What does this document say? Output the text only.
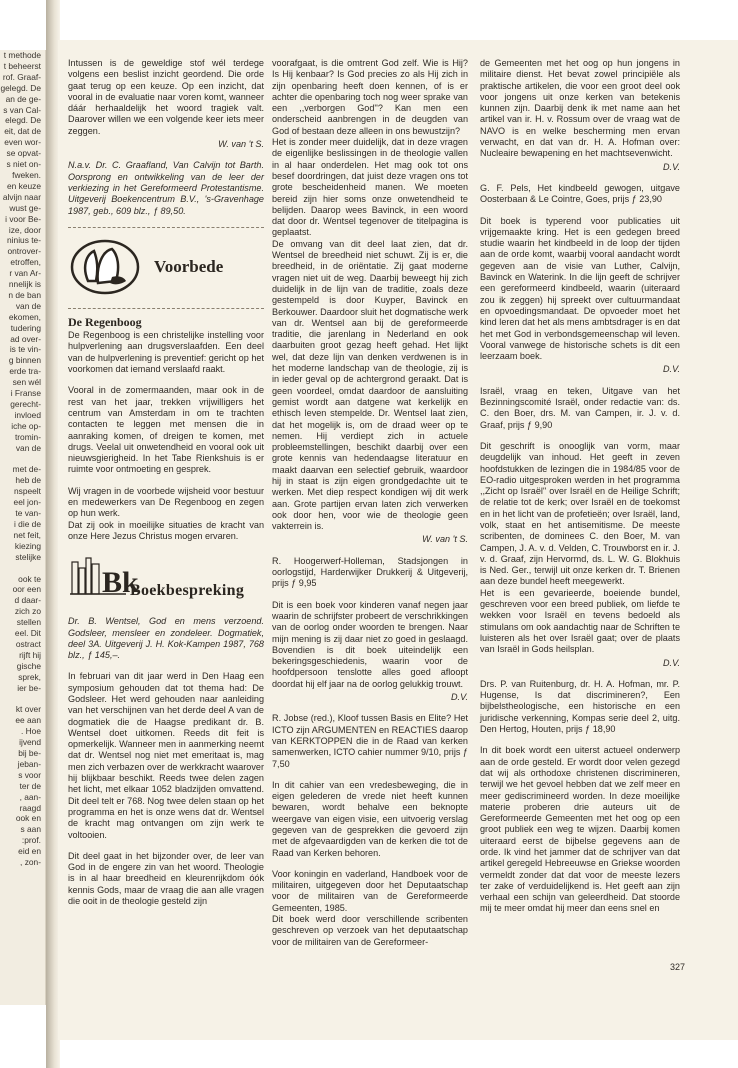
t methode
t beheerst
rof. Graaf-
gelegd. De
an de ge-
s van Cal-
elegd. De
eit, dat de
even wor-
se opvat-
s niet on-
fweken.
en keuze
alvijn naar
wust ge-
i voor Be-
ize, door
ninius te-
ontrover-
etroffen,
r van Ar-
nnelijk is
n de ban
van de
ekomen,
tudering
ad over-
is te vin-
g binnen
erde tra-
sen wél
i Franse
gerecht-
invloed
iche op-
tromin-
van de

met de-
heb de
nspeelt
eel jon-
te van-
i die de
net feit,
kiezing
stelijke

ook te
oor een
d daar-
zich zo
stellen
eel. Dit
ostract
rijft hij
gische
sprek,
ier be-

kt over
ee aan
. Hoe
ijvend
bij be-
jeban-
s voor
ter de
, aan-
raagd
ook en
s aan
:prof.
eid en
, zon-

Intussen is de geweldige stof wél terdege volgens een beslist inzicht geordend. Die orde gaat terug op een keuze. Op een inzicht, dat vooral in de evaluatie naar voren komt, wanneer dáár herhaaldelijk het woord tragiek valt. Daarover willen we een volgende keer iets meer zeggen.

W. van 't S.

N.a.v. Dr. C. Graafland, Van Calvijn tot Barth. Oorsprong en ontwikkeling van de leer der verkiezing in het Gereformeerd Protestantisme. Uitgeverij Boekencentrum B.V., 's-Gravenhage 1987, geb., 609 blz., ƒ 89,50.

Voorbede
De Regenboog

De Regenboog is een christelijke instelling voor hulpverlening aan drugsverslaafden. Een deel van de hulpverlening is preventief: gericht op het voorkomen dat iemand verslaafd raakt.

Vooral in de zomermaanden, maar ook in de rest van het jaar, trekken vrijwilligers het centrum van Amsterdam in om te trachten contacten te leggen met mensen die in aanraking komen, of dreigen te komen, met drugs. Veelal uit onwetendheid en vooral ook uit nieuwsgierigheid. In het Tabe Rienkshuis is er ruimte voor ontmoeting en gesprek.

Wij vragen in de voorbede wijsheid voor bestuur en medewerkers van De Regenboog en zegen op hun werk.

Dat zij ook in moeilijke situaties de kracht van onze Here Jezus Christus mogen ervaren.

Bk
Boekbespreking

Dr. B. Wentsel, God en mens verzoend. Godsleer, mensleer en zondeleer. Dogmatiek, deel 3A. Uitgeverij J. H. Kok-Kampen 1987, 768 blz., ƒ 145,–.

In februari van dit jaar werd in Den Haag een symposium gehouden dat tot thema had: De Godsleer. Het werd gehouden naar aanleiding van het verschijnen van het derde deel A van de dogmatiek die de Haagse predikant dr. B. Wentsel doet uitkomen. Reeds dit feit is opmerkelijk. Wanneer men in aanmerking neemt dat dr. Wentsel nog niet met emeritaat is, mag men zich verbazen over de werkkracht waarover hij blijkbaar beschikt. Reeds twee delen zagen het licht, met elkaar 1052 bladzijden omvattend. Dit deel telt er 768. Nog twee delen staan op het programma en het is onze wens dat dr. Wentsel de kracht mag ontvangen om zijn werk te voltooien.

Dit deel gaat in het bijzonder over, de leer van God in de engere zin van het woord. Theologie is in al haar breedheid en kleurenrijkdom óók kennis Gods, maar de vraag die aan alle vragen die ooit in de theologie gesteld zijn

voorafgaat, is die omtrent God zelf. Wie is Hij? Is Hij kenbaar? Is God precies zo als Hij zich in zijn openbaring heeft doen kennen, of is er achter die openbaring toch nog weer sprake van een ,,verborgen God''? Kan men een onderscheid aanbrengen in de deugden van God of bestaan deze alleen in ons bewustzijn?

Het is zonder meer duidelijk, dat in deze vragen de eigenlijke beslissingen in de theologie vallen in al haar onderdelen. Het mag ook tot ons besef doordringen, dat juist deze vragen ons tot grote bescheidenheid manen. We moeten bereid zijn hier soms onze onwetendheid te belijden. Daarop wees Bavinck, in een woord dat door dr. Wentsel tegenover de titelpagina is geplaatst.

De omvang van dit deel laat zien, dat dr. Wentsel de breedheid niet schuwt. Zij is er, die breedheid, in de oriëntatie. Zij gaat moderne vragen niet uit de weg. Daarbij beweegt hij zich duidelijk in de lijn van de traditie, zoals deze gestempeld is door Kuyper, Bavinck en Berkouwer. Daardoor sluit het dogmatische werk van dr. Wentsel aan bij de gereformeerde traditie, die jarenlang in Nederland en ook daarbuiten groot gezag heeft gehad. Het lijkt wel, dat deze lijn van denken verdwenen is in het moderne landschap van de theologie, zij is in ieder geval op de achtergrond geraakt. Dat is geen voordeel, omdat daardoor de aansluiting gemist wordt aan datgene wat kerkelijk en ethisch leven stempelde. Dr. Wentsel laat zien, dat het mogelijk is, om de draad weer op te nemen. Hij verdiept zich in actuele probleemstellingen, beschikt daarbij over een grote kennis van hedendaagse literatuur en maakt daarvan een selectief gebruik, waardoor hij in staat is zijn eigen grondgedachte uit te werken. Met diep respect kondigen wij dit werk aan. Grote partijen ervan laten zich verwerken ook door hen, voor wie de theologie geen vakterrein is.

W. van 't S.

R. Hoogerwerf-Holleman, Stadsjongen in oorlogstijd, Harderwijker Drukkerij & Uitgeverij, prijs ƒ 9,95

Dit is een boek voor kinderen vanaf negen jaar waarin de schrijfster probeert de verschrikkingen van de oorlog onder woorden te brengen. Naar mijn mening is zij daar niet zo goed in geslaagd. Bovendien is dit boek uiteindelijk een bekeringsgeschiedenis, waarin voor de hoofdpersoon tenslotte alles goed afloopt doordat hij elf jaar na de oorlog gelukkig trouwt.

D.V.

R. Jobse (red.), Kloof tussen Basis en Elite? Het ICTO zijn ARGUMENTEN en REACTIES daarop van KERKTOPPEN die in de Raad van kerken samenwerken, ICTO cahier nummer 9/10, prijs ƒ 7,50

In dit cahier van een vredesbeweging, die in eigen gelederen de vrede niet heeft kunnen bewaren, wordt behalve een beknopte weergave van eigen visie, een uitvoerig verslag gegeven van de gesprekken die gevoerd zijn met de afgevaardigden van de kerken die tot de Raad van Kerken behoren.

Voor koningin en vaderland, Handboek voor de militairen, uitgegeven door het Deputaatschap voor de militairen van de Gereformeerde Gemeenten, 1985.

Dit boek werd door verschillende scribenten geschreven op verzoek van het deputaatschap voor de militairen van de Gereformeer-

de Gemeenten met het oog op hun jongens in militaire dienst. Het bevat zowel principiële als praktische artikelen, die voor een groot deel ook voor jongens uit onze kerken van betekenis kunnen zijn. Daarbij denk ik met name aan het artikel van ir. H. v. Rossum over de vraag wat de NAVO is en welke bescherming men ervan verwacht, en dat van dr. H. A. Hofman over: Nucleaire bewapening en het machtsevenwicht.

D.V.

G. F. Pels, Het kindbeeld gewogen, uitgave Oosterbaan & Le Cointre, Goes, prijs ƒ 23,90

Dit boek is typerend voor publicaties uit vrijgemaakte kring. Het is een gedegen breed studie waarin het kindbeeld in de loop der tijden aan de orde komt, waarbij vooral aandacht wordt gegeven aan de visie van Luther, Calvijn, Bavinck en Waterink. In die lijn geeft de schrijver een gereformeerd kindbeeld, waarin (uiteraard zou ik zeggen) hij spreekt over cultuurmandaat en opvoedingsmandaat. De opvoeder moet het kind leren dat het als mens ambtsdrager is en dat het met God in verbondsgemeenschap wil leven. Vooral vanwege de historische schets is dit een leerzaam boek.

D.V.

Israël, vraag en teken, Uitgave van het Bezinningscomité Israël, onder redactie van: ds. C. den Boer, drs. M. van Campen, ir. J. v. d. Graaf, prijs ƒ 9,90

Dit geschrift is onooglijk van vorm, maar deugdelijk van inhoud. Het geeft in zeven hoofdstukken de lezingen die in 1984/85 voor de EO-radio uitgesproken werden in het programma ,,Zicht op Israël'' over Israël en de Heilige Schrift; de relatie tot de kerk; over Israël en de toekomst en in het licht van de profetieën; over Israël, land, volk, staat en het antisemitisme. De meeste scribenten, de dominees C. den Boer, M. van Campen, J. A. v. d. Velden, C. Trouwborst en ir. J. v. d. Graaf, zijn Hervormd, ds. L. W. G. Blokhuis is Ned. Ger., terwijl uit onze kerken dr. T. Brienen aan deze bundel heeft meegewerkt.

Het is een gevarieerde, boeiende bundel, geschreven voor een breed publiek, om liefde te wekken voor Israël en tevens bedoeld als stimulans om ook aandachtig naar de Schriften te luisteren als het over Israël gaat; over de plaats van Israël in Gods heilsplan.

D.V.

Drs. P. van Ruitenburg, dr. H. A. Hofman, mr. P. Hugense, Is dat discrimineren?, Een bijbelstheologische, een historische en een juridische verkenning, Kompas serie deel 2, uitg. Den Hertog, Houten, prijs ƒ 18,90

In dit boek wordt een uiterst actueel onderwerp aan de orde gesteld. Er wordt door velen gezegd dat wij als orthodoxe christenen discrimineren, terwijl we het gevoel hebben dat we zelf meer en meer gediscrimineerd worden. In deze moeilijke materie proberen drie auteurs uit de Gereformeerde Gemeenten met het oog op een groot publiek een weg te wijzen. Daarbij komen uiteraard eerst de bijbelse gegevens aan de orde. Ik vind het jammer dat de schrijver van dat artikel geregeld Hebreeuwse en Griekse woorden vermeldt zonder dat dat voor de meeste lezers ter zake of verduidelijkend is. Het geeft aan zijn verhaal een schijn van geleerdheid. Dat stoorde mij te meer omdat hij meer dan eens snel en

327
